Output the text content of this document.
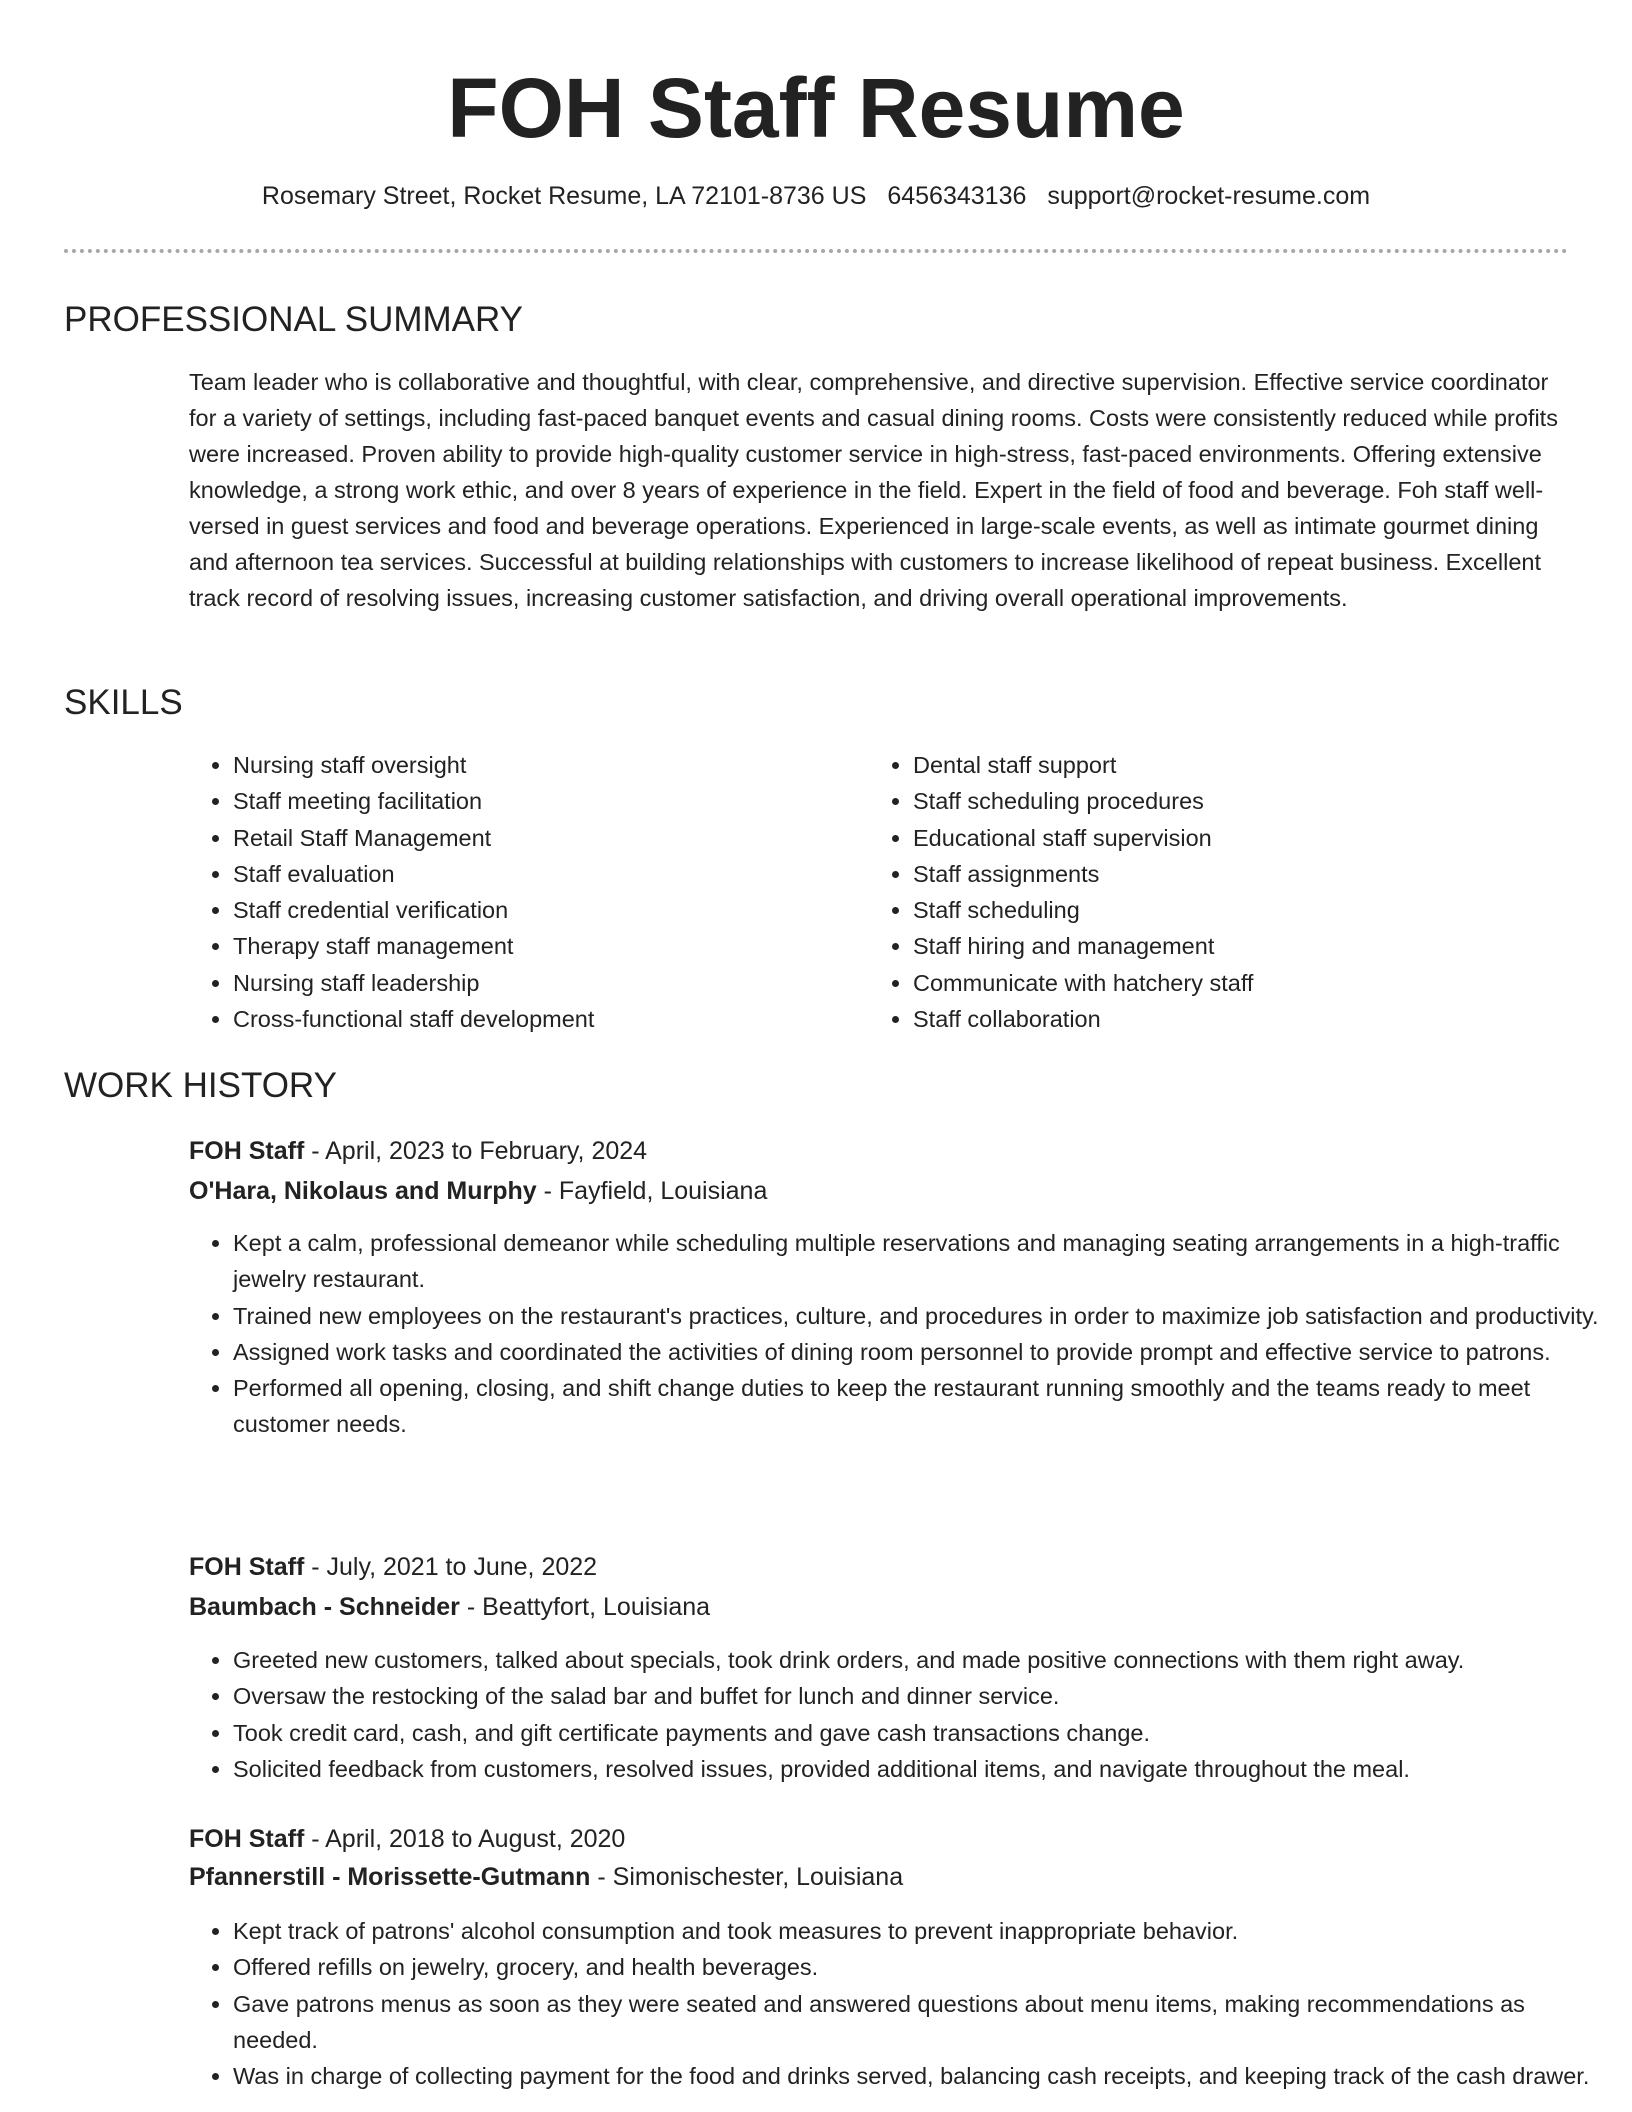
FOH Staff Resume
Rosemary Street, Rocket Resume, LA 72101-8736 US 6456343136 support@rocket-resume.com
PROFESSIONAL SUMMARY

Team leader who is collaborative and thoughtful, with clear, comprehensive, and directive supervision. Effective service coordinator for a variety of settings, including fast-paced banquet events and casual dining rooms. Costs were consistently reduced while profits were increased. Proven ability to provide high-quality customer service in high-stress, fast-paced environments. Offering extensive knowledge, a strong work ethic, and over 8 years of experience in the field. Expert in the field of food and beverage. Foh staff well-versed in guest services and food and beverage operations. Experienced in large-scale events, as well as intimate gourmet dining and afternoon tea services. Successful at building relationships with customers to increase likelihood of repeat business. Excellent track record of resolving issues, increasing customer satisfaction, and driving overall operational improvements.

SKILLS
• Nursing staff oversight
• Staff meeting facilitation
• Retail Staff Management
• Staff evaluation
• Staff credential verification
• Therapy staff management
• Nursing staff leadership
• Cross-functional staff development
• Dental staff support
• Staff scheduling procedures
• Educational staff supervision
• Staff assignments
• Staff scheduling
• Staff hiring and management
• Communicate with hatchery staff
• Staff collaboration
WORK HISTORY
FOH Staff - April, 2023 to February, 2024
O'Hara, Nikolaus and Murphy - Fayfield, Louisiana
• Kept a calm, professional demeanor while scheduling multiple reservations and managing seating arrangements in a high-traffic jewelry restaurant.
• Trained new employees on the restaurant's practices, culture, and procedures in order to maximize job satisfaction and productivity.
• Assigned work tasks and coordinated the activities of dining room personnel to provide prompt and effective service to patrons.
• Performed all opening, closing, and shift change duties to keep the restaurant running smoothly and the teams ready to meet customer needs.
FOH Staff - July, 2021 to June, 2022
Baumbach - Schneider - Beattyfort, Louisiana
• Greeted new customers, talked about specials, took drink orders, and made positive connections with them right away.
• Oversaw the restocking of the salad bar and buffet for lunch and dinner service.
• Took credit card, cash, and gift certificate payments and gave cash transactions change.
• Solicited feedback from customers, resolved issues, provided additional items, and navigate throughout the meal.
FOH Staff - April, 2018 to August, 2020
Pfannerstill - Morissette-Gutmann - Simonischester, Louisiana
• Kept track of patrons' alcohol consumption and took measures to prevent inappropriate behavior.
• Offered refills on jewelry, grocery, and health beverages.
• Gave patrons menus as soon as they were seated and answered questions about menu items, making recommendations as needed.
• Was in charge of collecting payment for the food and drinks served, balancing cash receipts, and keeping track of the cash drawer.
